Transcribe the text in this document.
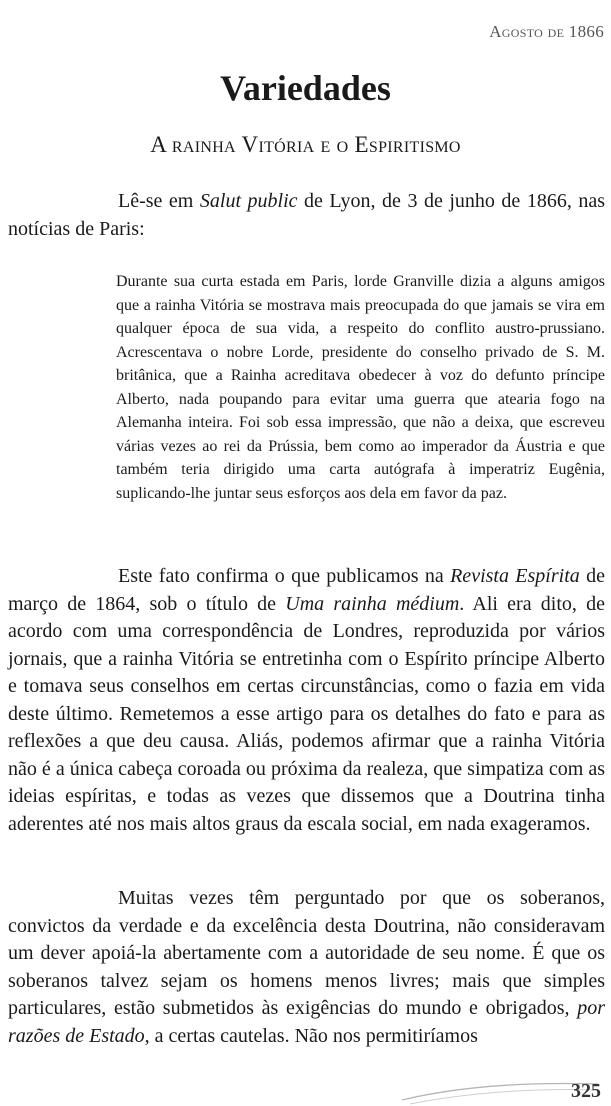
Agosto de 1866
Variedades
A rainha Vitória e o Espiritismo
Lê-se em Salut public de Lyon, de 3 de junho de 1866, nas notícias de Paris:
Durante sua curta estada em Paris, lorde Granville dizia a alguns amigos que a rainha Vitória se mostrava mais preocupada do que jamais se vira em qualquer época de sua vida, a respeito do conflito austro-prussiano. Acrescentava o nobre Lorde, presidente do conselho privado de S. M. britânica, que a Rainha acreditava obedecer à voz do defunto príncipe Alberto, nada poupando para evitar uma guerra que atearia fogo na Alemanha inteira. Foi sob essa impressão, que não a deixa, que escreveu várias vezes ao rei da Prússia, bem como ao imperador da Áustria e que também teria dirigido uma carta autógrafa à imperatriz Eugênia, suplicando-lhe juntar seus esforços aos dela em favor da paz.
Este fato confirma o que publicamos na Revista Espírita de março de 1864, sob o título de Uma rainha médium. Ali era dito, de acordo com uma correspondência de Londres, reproduzida por vários jornais, que a rainha Vitória se entretinha com o Espírito príncipe Alberto e tomava seus conselhos em certas circunstâncias, como o fazia em vida deste último. Remetemos a esse artigo para os detalhes do fato e para as reflexões a que deu causa. Aliás, podemos afirmar que a rainha Vitória não é a única cabeça coroada ou próxima da realeza, que simpatiza com as ideias espíritas, e todas as vezes que dissemos que a Doutrina tinha aderentes até nos mais altos graus da escala social, em nada exageramos.
Muitas vezes têm perguntado por que os soberanos, convictos da verdade e da excelência desta Doutrina, não consideravam um dever apoiá-la abertamente com a autoridade de seu nome. É que os soberanos talvez sejam os homens menos livres; mais que simples particulares, estão submetidos às exigências do mundo e obrigados, por razões de Estado, a certas cautelas. Não nos permitiríamos
325
